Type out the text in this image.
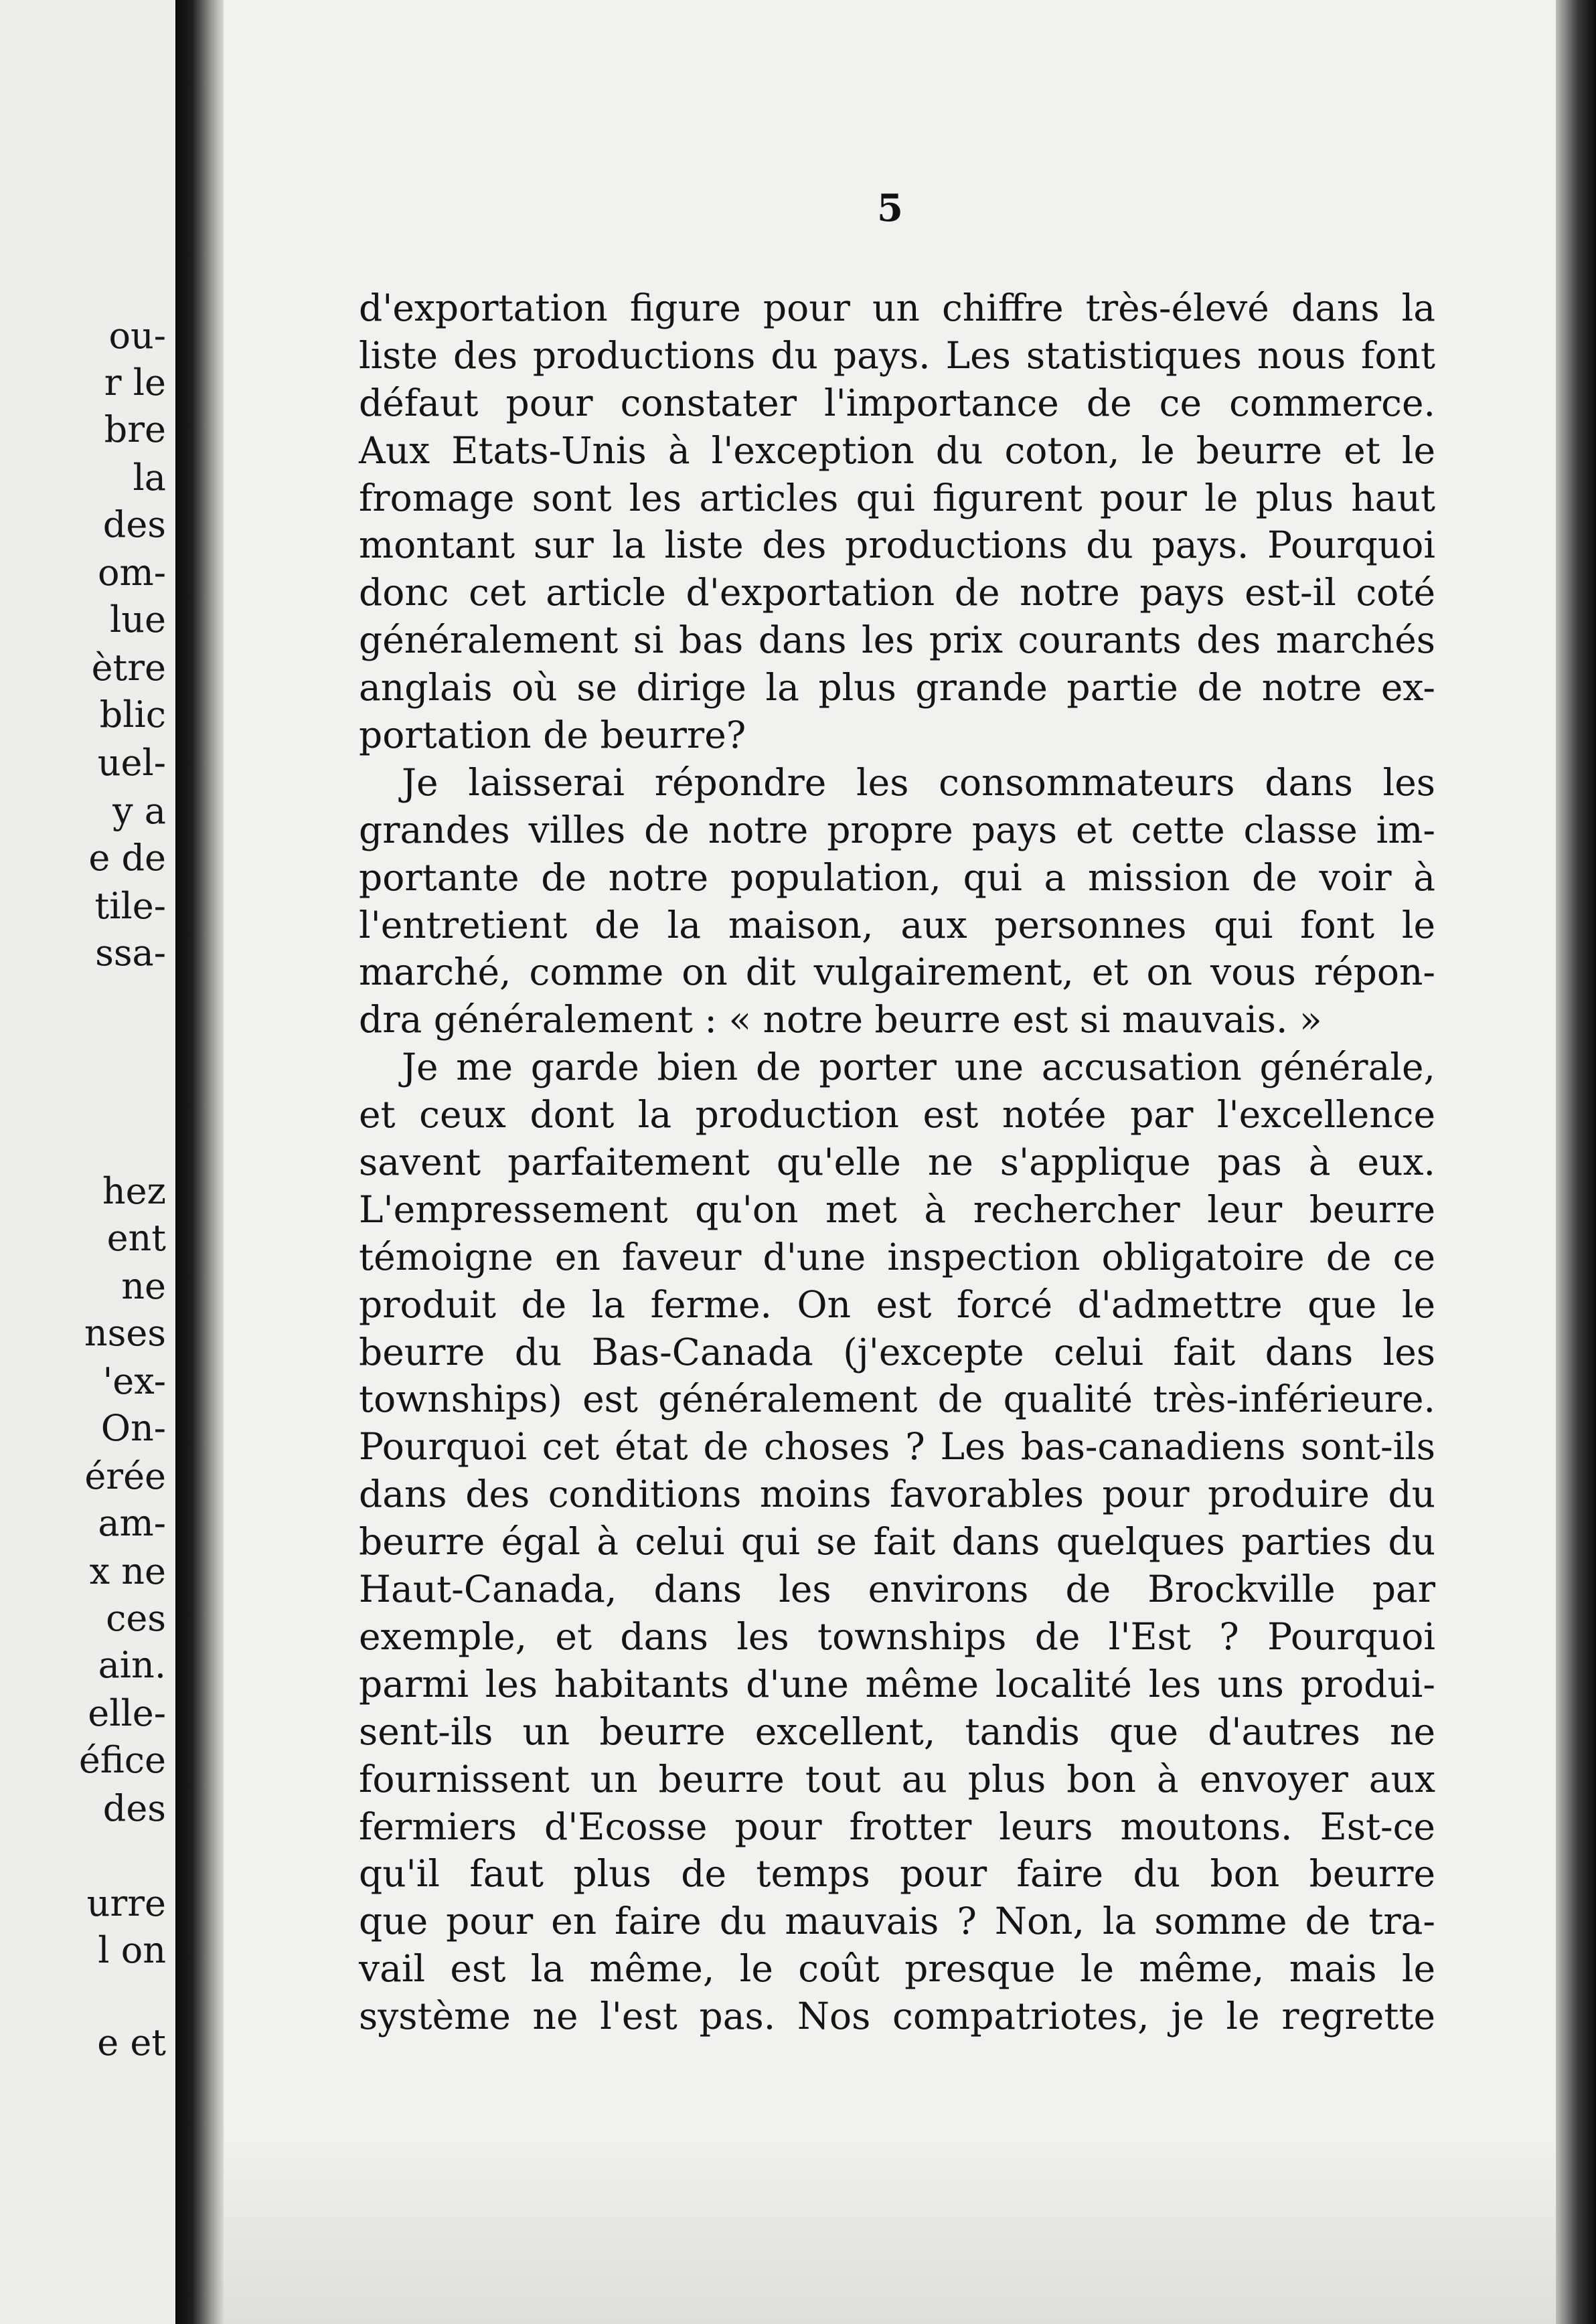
ou-
r le
bre
la
des
om-
lue
ètre
blic
uel-
y a
e de
tile-
ssa-
hez
ent
ne
nses
'ex-
On-
érée
am-
x ne
ces
ain.
elle-
éfice
des
urre
l on
e et
5
d'exportation figure pour un chiffre très-élevé dans la
liste des productions du pays. Les statistiques nous font
défaut pour constater l'importance de ce commerce.
Aux Etats-Unis à l'exception du coton, le beurre et le
fromage sont les articles qui figurent pour le plus haut
montant sur la liste des productions du pays. Pourquoi
donc cet article d'exportation de notre pays est-il coté
généralement si bas dans les prix courants des marchés
anglais où se dirige la plus grande partie de notre ex-
portation de beurre?
Je laisserai répondre les consommateurs dans les
grandes villes de notre propre pays et cette classe im-
portante de notre population, qui a mission de voir à
l'entretient de la maison, aux personnes qui font le
marché, comme on dit vulgairement, et on vous répon-
dra généralement : « notre beurre est si mauvais. »
Je me garde bien de porter une accusation générale,
et ceux dont la production est notée par l'excellence
savent parfaitement qu'elle ne s'applique pas à eux.
L'empressement qu'on met à rechercher leur beurre
témoigne en faveur d'une inspection obligatoire de ce
produit de la ferme. On est forcé d'admettre que le
beurre du Bas-Canada (j'excepte celui fait dans les
townships) est généralement de qualité très-inférieure.
Pourquoi cet état de choses ? Les bas-canadiens sont-ils
dans des conditions moins favorables pour produire du
beurre égal à celui qui se fait dans quelques parties du
Haut-Canada, dans les environs de Brockville par
exemple, et dans les townships de l'Est ? Pourquoi
parmi les habitants d'une même localité les uns produi-
sent-ils un beurre excellent, tandis que d'autres ne
fournissent un beurre tout au plus bon à envoyer aux
fermiers d'Ecosse pour frotter leurs moutons. Est-ce
qu'il faut plus de temps pour faire du bon beurre
que pour en faire du mauvais ? Non, la somme de tra-
vail est la même, le coût presque le même, mais le
système ne l'est pas. Nos compatriotes, je le regrette
